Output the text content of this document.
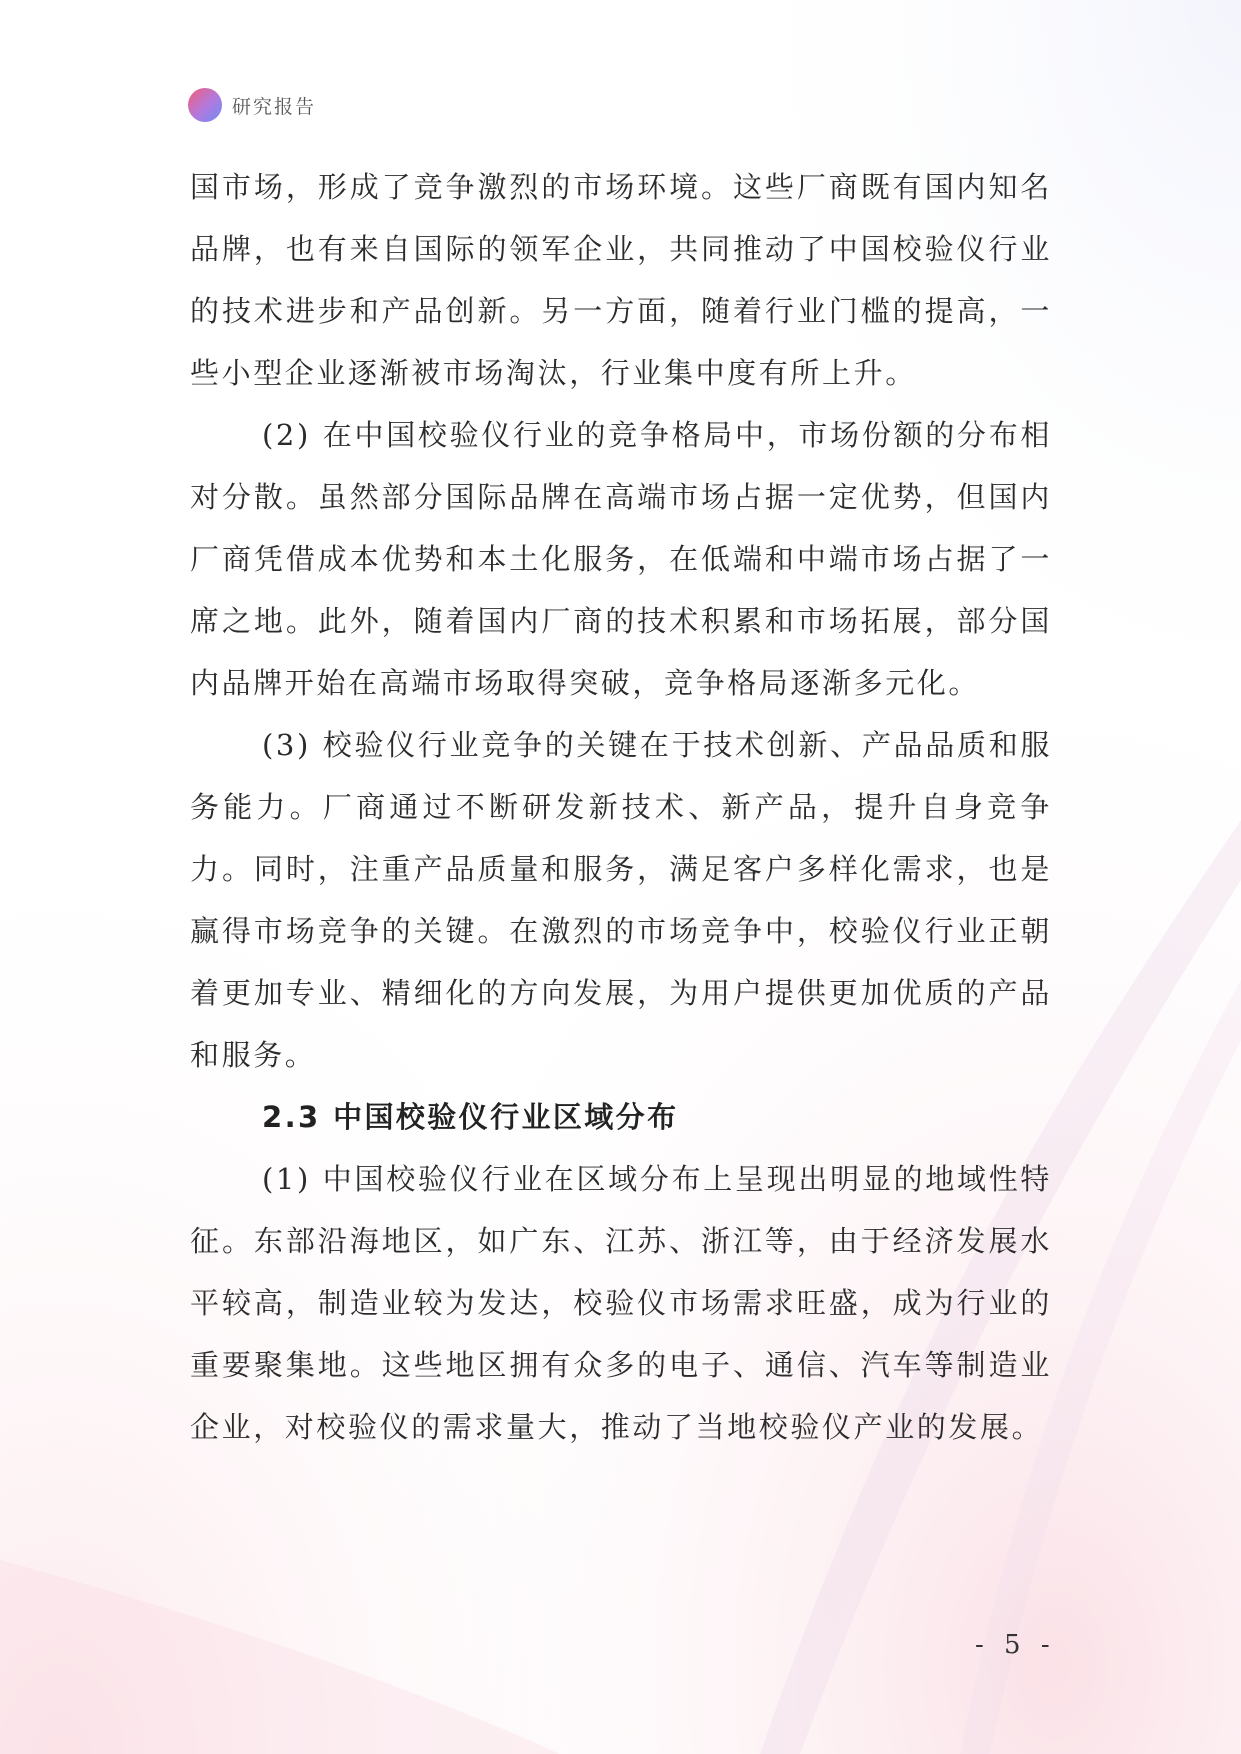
研究报告

国市场，形成了竞争激烈的市场环境。这些厂商既有国内知名品牌，也有来自国际的领军企业，共同推动了中国校验仪行业的技术进步和产品创新。另一方面，随着行业门槛的提高，一些小型企业逐渐被市场淘汰，行业集中度有所上升。

(2) 在中国校验仪行业的竞争格局中，市场份额的分布相对分散。虽然部分国际品牌在高端市场占据一定优势，但国内厂商凭借成本优势和本土化服务，在低端和中端市场占据了一席之地。此外，随着国内厂商的技术积累和市场拓展，部分国内品牌开始在高端市场取得突破，竞争格局逐渐多元化。

(3) 校验仪行业竞争的关键在于技术创新、产品品质和服务能力。厂商通过不断研发新技术、新产品，提升自身竞争力。同时，注重产品质量和服务，满足客户多样化需求，也是赢得市场竞争的关键。在激烈的市场竞争中，校验仪行业正朝着更加专业、精细化的方向发展，为用户提供更加优质的产品和服务。

2.3 中国校验仪行业区域分布

(1) 中国校验仪行业在区域分布上呈现出明显的地域性特征。东部沿海地区，如广东、江苏、浙江等，由于经济发展水平较高，制造业较为发达，校验仪市场需求旺盛，成为行业的重要聚集地。这些地区拥有众多的电子、通信、汽车等制造业企业，对校验仪的需求量大，推动了当地校验仪产业的发展。

- 5 -
